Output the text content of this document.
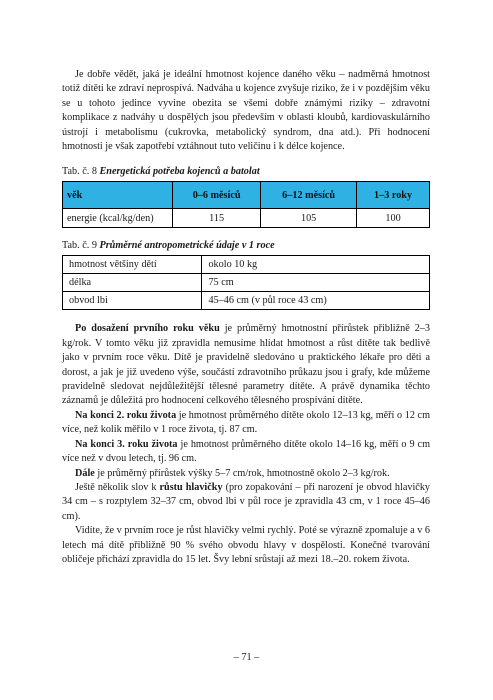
Je dobře vědět, jaká je ideální hmotnost kojence daného věku – nadměrná hmotnost totiž dítěti ke zdraví neprospívá. Nadváha u kojence zvyšuje riziko, že i v pozdějším věku se u tohoto jedince vyvine obezita se všemi dobře známými riziky – zdravotní komplikace z nadváhy u dospělých jsou především v oblasti kloubů, kardiovaskulárního ústrojí i metabolismu (cukrovka, metabolický syndrom, dna atd.). Při hodnocení hmotnosti je však zapotřebí vztáhnout tuto veličinu i k délce kojence.

Tab. č. 8 Energetická potřeba kojenců a batolat
věk	0–6 měsíců	6–12 měsíců	1–3 roky
energie (kcal/kg/den)	115	105	100
Tab. č. 9 Průměrné antropometrické údaje v 1 roce
hmotnost většiny dětí	okolo 10 kg
délka	75 cm
obvod lbi	45–46 cm (v půl roce 43 cm)

Po dosažení prvního roku věku je průměrný hmotnostní přírůstek přibližně 2–3 kg/rok. V tomto věku již zpravidla nemusíme hlídat hmotnost a růst dítěte tak bedlivě jako v prvním roce věku. Dítě je pravidelně sledováno u praktického lékaře pro děti a dorost, a jak je již uvedeno výše, součástí zdravotního průkazu jsou i grafy, kde můžeme pravidelně sledovat nejdůležitější tělesné parametry dítěte. A právě dynamika těchto záznamů je důležitá pro hodnocení celkového tělesného prospívání dítěte.

Na konci 2. roku života je hmotnost průměrného dítěte okolo 12–13 kg, měří o 12 cm více, než kolik měřilo v 1 roce života, tj. 87 cm.

Na konci 3. roku života je hmotnost průměrného dítěte okolo 14–16 kg, měří o 9 cm více než v dvou letech, tj. 96 cm.

Dále je průměrný přírůstek výšky 5–7 cm/rok, hmotnostně okolo 2–3 kg/rok.

Ještě několik slov k růstu hlavičky (pro zopakování – při narození je obvod hlavičky 34 cm – s rozptylem 32–37 cm, obvod lbi v půl roce je zpravidla 43 cm, v 1 roce 45–46 cm).

Vidíte, že v prvním roce je růst hlavičky velmi rychlý. Poté se výrazně zpomaluje a v 6 letech má dítě přibližně 90 % svého obvodu hlavy v dospělosti. Konečné tvarování obličeje přichází zpravidla do 15 let. Švy lební srůstají až mezi 18.–20. rokem života.

– 71 –
